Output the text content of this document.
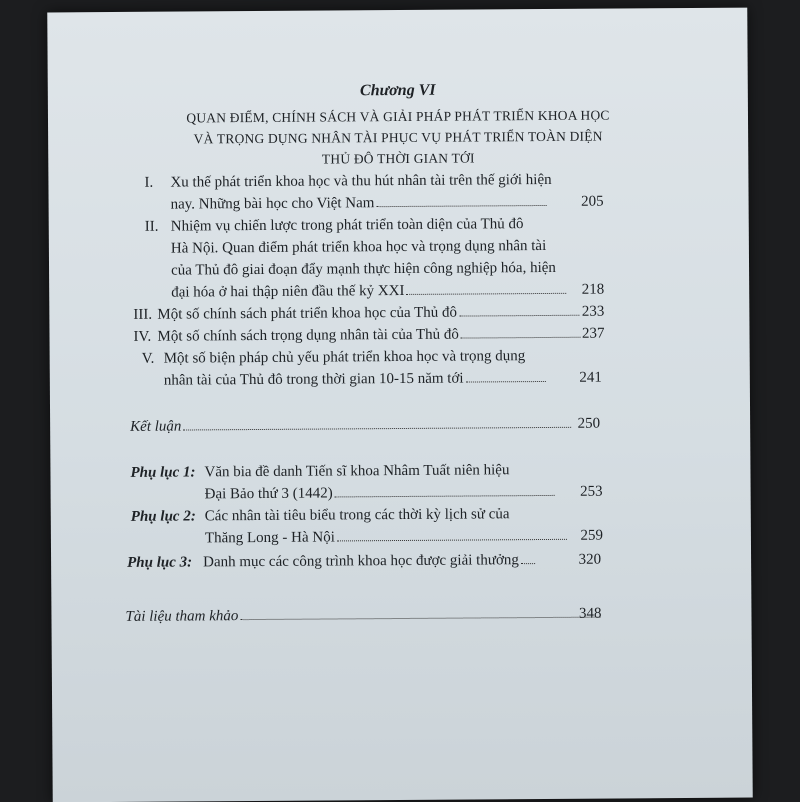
Chương VI
QUAN ĐIỂM, CHÍNH SÁCH VÀ GIẢI PHÁP PHÁT TRIỂN KHOA HỌC
VÀ TRỌNG DỤNG NHÂN TÀI PHỤC VỤ PHÁT TRIỂN TOÀN DIỆN
THỦ ĐÔ THỜI GIAN TỚI
I. Xu thế phát triển khoa học và thu hút nhân tài trên thế giới hiện
nay. Những bài học cho Việt Nam	205
II. Nhiệm vụ chiến lược trong phát triển toàn diện của Thủ đô
Hà Nội. Quan điểm phát triển khoa học và trọng dụng nhân tài
của Thủ đô giai đoạn đẩy mạnh thực hiện công nghiệp hóa, hiện
đại hóa ở hai thập niên đầu thế kỷ XXI	218
III. Một số chính sách phát triển khoa học của Thủ đô	233
IV. Một số chính sách trọng dụng nhân tài của Thủ đô	237
V. Một số biện pháp chủ yếu phát triển khoa học và trọng dụng
nhân tài của Thủ đô trong thời gian 10-15 năm tới	241
Kết luận	250
Phụ lục 1: Văn bia đề danh Tiến sĩ khoa Nhâm Tuất niên hiệu
Đại Bảo thứ 3 (1442)	253
Phụ lục 2: Các nhân tài tiêu biểu trong các thời kỳ lịch sử của
Thăng Long - Hà Nội	259
Phụ lục 3: Danh mục các công trình khoa học được giải thưởng	320
Tài liệu tham khảo	348
